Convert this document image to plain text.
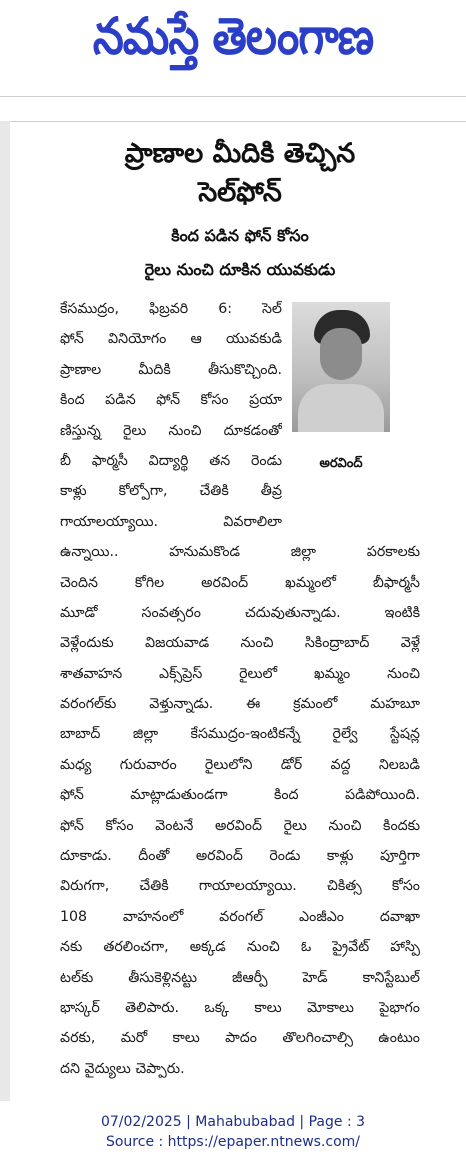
నమస్తే తెలంగాణ
ప్రాణాల మీదికి తెచ్చిన
సెల్‌ఫోన్
కింద పడిన ఫోన్ కోసం
రైలు నుంచి దూకిన యువకుడు
అరవింద్
కేసముద్రం, ఫిబ్రవరి 6: సెల్
ఫోన్ వినియోగం ఆ యువకుడి
ప్రాణాల మీదికి తీసుకొచ్చింది.
కింద పడిన ఫోన్ కోసం ప్రయా
ణిస్తున్న రైలు నుంచి దూకడంతో
బీ ఫార్మసీ విద్యార్థి తన రెండు
కాళ్లు కోల్పోగా, చేతికి తీవ్ర
గాయాలయ్యాయి. వివరాలిలా
ఉన్నాయి.. హనుమకొండ జిల్లా పరకాలకు
చెందిన కోగిల అరవింద్ ఖమ్మంలో బీఫార్మసీ
మూడో సంవత్సరం చదువుతున్నాడు. ఇంటికి
వెళ్లేందుకు విజయవాడ నుంచి సికింద్రాబాద్ వెళ్లే
శాతవాహన ఎక్స్‌ప్రెస్ రైలులో ఖమ్మం నుంచి
వరంగల్‌కు వెళ్తున్నాడు. ఈ క్రమంలో మహబూ
బాబాద్ జిల్లా కేసముద్రం-ఇంటికన్నే రైల్వే స్టేషన్ల
మధ్య గురువారం రైలులోని డోర్ వద్ద నిలబడి
ఫోన్ మాట్లాడుతుండగా కింద పడిపోయింది.
ఫోన్ కోసం వెంటనే అరవింద్ రైలు నుంచి కిందకు
దూకాడు. దీంతో అరవింద్ రెండు కాళ్లు పూర్తిగా
విరుగగా, చేతికి గాయాలయ్యాయి. చికిత్స కోసం
108 వాహనంలో వరంగల్ ఎంజీఎం దవాఖా
నకు తరలించగా, అక్కడ నుంచి ఓ ప్రైవేట్ హాస్పి
టల్‌కు తీసుకెళ్లినట్టు జీఆర్పీ హెడ్ కానిస్టేబుల్
భాస్కర్ తెలిపారు. ఒక్క కాలు మోకాలు పైభాగం
వరకు, మరో కాలు పాదం తొలగించాల్సి ఉంటుం
దని వైద్యులు చెప్పారు.
07/02/2025 | Mahabubabad | Page : 3
Source : https://epaper.ntnews.com/
